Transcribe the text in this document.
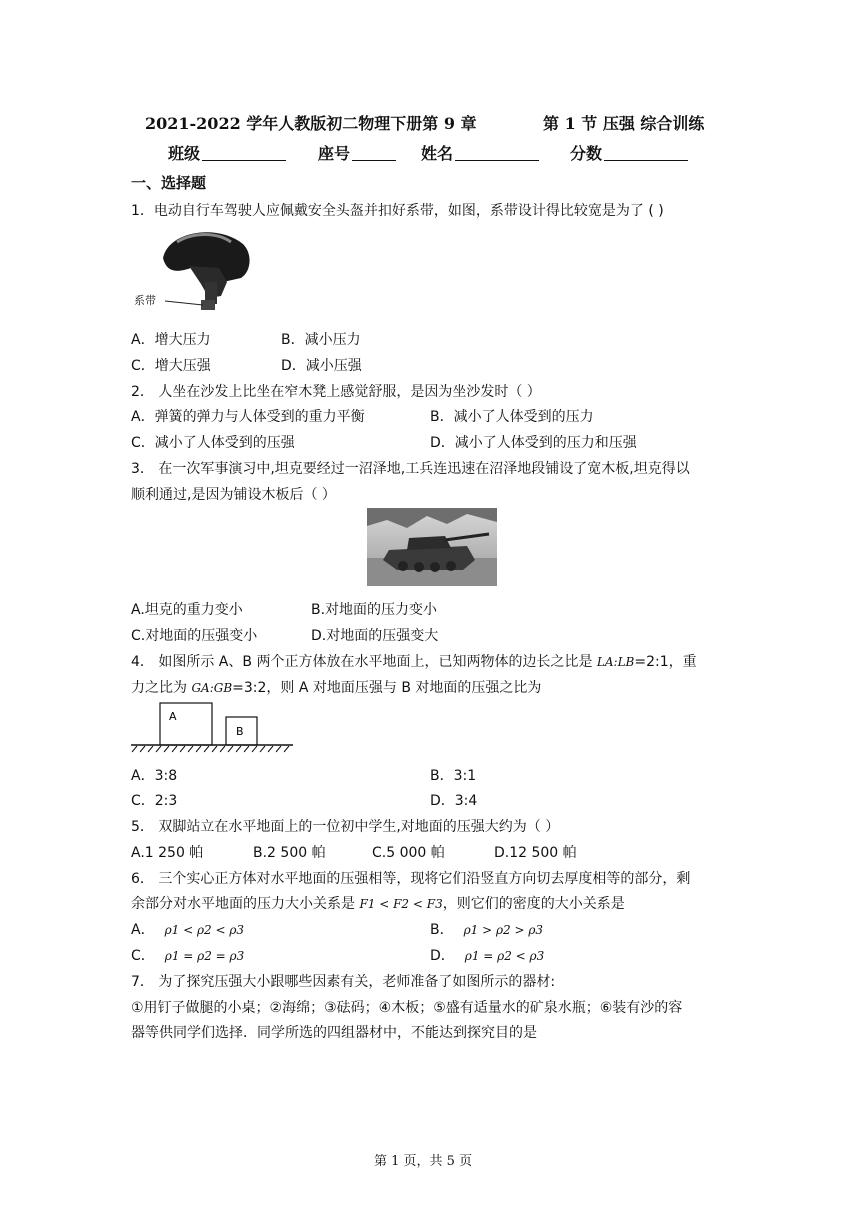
2021-2022 学年人教版初二物理下册第 9 章	第 1 节 压强 综合训练
班级	座号	姓名	分数
一、选择题
1．电动自行车驾驶人应佩戴安全头盔并扣好系带，如图，系带设计得比较宽是为了 ( )
系带
A．增大压力	B．减小压力
C．增大压强	D．减小压强
2． 人坐在沙发上比坐在窄木凳上感觉舒服，是因为坐沙发时（ ）
A．弹簧的弹力与人体受到的重力平衡	B．减小了人体受到的压力
C．减小了人体受到的压强	D．减小了人体受到的压力和压强
3． 在一次军事演习中,坦克要经过一沼泽地,工兵连迅速在沼泽地段铺设了宽木板,坦克得以
顺利通过,是因为铺设木板后（ ）
A.坦克的重力变小	B.对地面的压力变小
C.对地面的压强变小	D.对地面的压强变大
4． 如图所示 A、B 两个正方体放在水平地面上，已知两物体的边长之比是 LA:LB=2:1，重
力之比为 GA:GB=3:2，则 A 对地面压强与 B 对地面的压强之比为
A
B
A．3:8	B．3:1
C．2:3	D．3:4
5． 双脚站立在水平地面上的一位初中学生,对地面的压强大约为（ ）
A.1 250 帕	B.2 500 帕	C.5 000 帕	D.12 500 帕
6． 三个实心正方体对水平地面的压强相等，现将它们沿竖直方向切去厚度相等的部分，剩
余部分对水平地面的压力大小关系是 F1 < F2 < F3，则它们的密度的大小关系是
A． ρ1 < ρ2 < ρ3	B． ρ1 > ρ2 > ρ3
C． ρ1 = ρ2 = ρ3	D． ρ1 = ρ2 < ρ3
7． 为了探究压强大小跟哪些因素有关，老师准备了如图所示的器材:
①用钉子做腿的小桌；②海绵；③砝码；④木板；⑤盛有适量水的矿泉水瓶；⑥装有沙的容
器等供同学们选择．同学所选的四组器材中，不能达到探究目的是
第 1 页，共 5 页
